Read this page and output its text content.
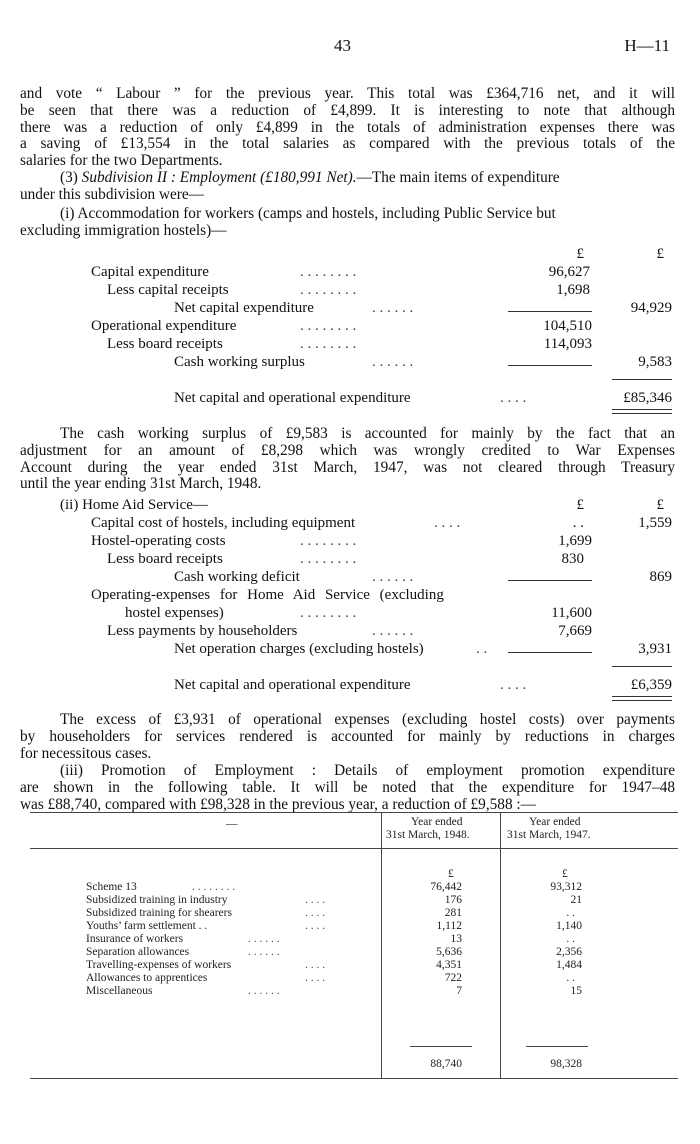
43	H—11
and vote “ Labour ” for the previous year. This total was £364,716 net, and it will
be seen that there was a reduction of £4,899. It is interesting to note that although
there was a reduction of only £4,899 in the totals of administration expenses there was
a saving of £13,554 in the total salaries as compared with the previous totals of the
salaries for the two Departments.
(3) Subdivision II : Employment (£180,991 Net).—The main items of expenditure
under this subdivision were—
(i) Accommodation for workers (camps and hostels, including Public Service but
excluding immigration hostels)—
£	£
Capital expenditure	. . . . . . . .	96,627
Less capital receipts	. . . . . . . .	1,698
Net capital expenditure	. . . . . .	94,929
Operational expenditure	. . . . . . . .	104,510
Less board receipts	. . . . . . . .	114,093
Cash working surplus	. . . . . .	9,583
Net capital and operational expenditure	. . . .	£85,346
The cash working surplus of £9,583 is accounted for mainly by the fact that an
adjustment for an amount of £8,298 which was wrongly credited to War Expenses
Account during the year ended 31st March, 1947, was not cleared through Treasury
until the year ending 31st March, 1948.
(ii) Home Aid Service—	£	£
Capital cost of hostels, including equipment	. . . .	. .	1,559
Hostel-operating costs	. . . . . . . .	1,699
Less board receipts	. . . . . . . .	830
Cash working deficit	. . . . . .	869
Operating-expenses for Home Aid Service (excluding
hostel expenses)	. . . . . . . .	11,600
Less payments by householders	. . . . . .	7,669
Net operation charges (excluding hostels)	. .	3,931
Net capital and operational expenditure	. . . .	£6,359
The excess of £3,931 of operational expenses (excluding hostel costs) over payments
by householders for services rendered is accounted for mainly by reductions in charges
for necessitous cases.
(iii) Promotion of Employment : Details of employment promotion expenditure
are shown in the following table. It will be noted that the expenditure for 1947–48
was £88,740, compared with £98,328 in the previous year, a reduction of £9,588 :—
—	Year ended
31st March, 1948.
Year ended
31st March, 1947.
£	£
Scheme 13	. . . . . . . .	76,442	93,312
Subsidized training in industry	. . . .	176	21
Subsidized training for shearers	. . . .	281	. .
Youths’ farm settlement . .	. . . .	1,112	1,140
Insurance of workers	. . . . . .	13	. .
Separation allowances	. . . . . .	5,636	2,356
Travelling-expenses of workers	. . . .	4,351	1,484
Allowances to apprentices	. . . .	722	. .
Miscellaneous	. . . . . .	7	15
88,740	98,328
